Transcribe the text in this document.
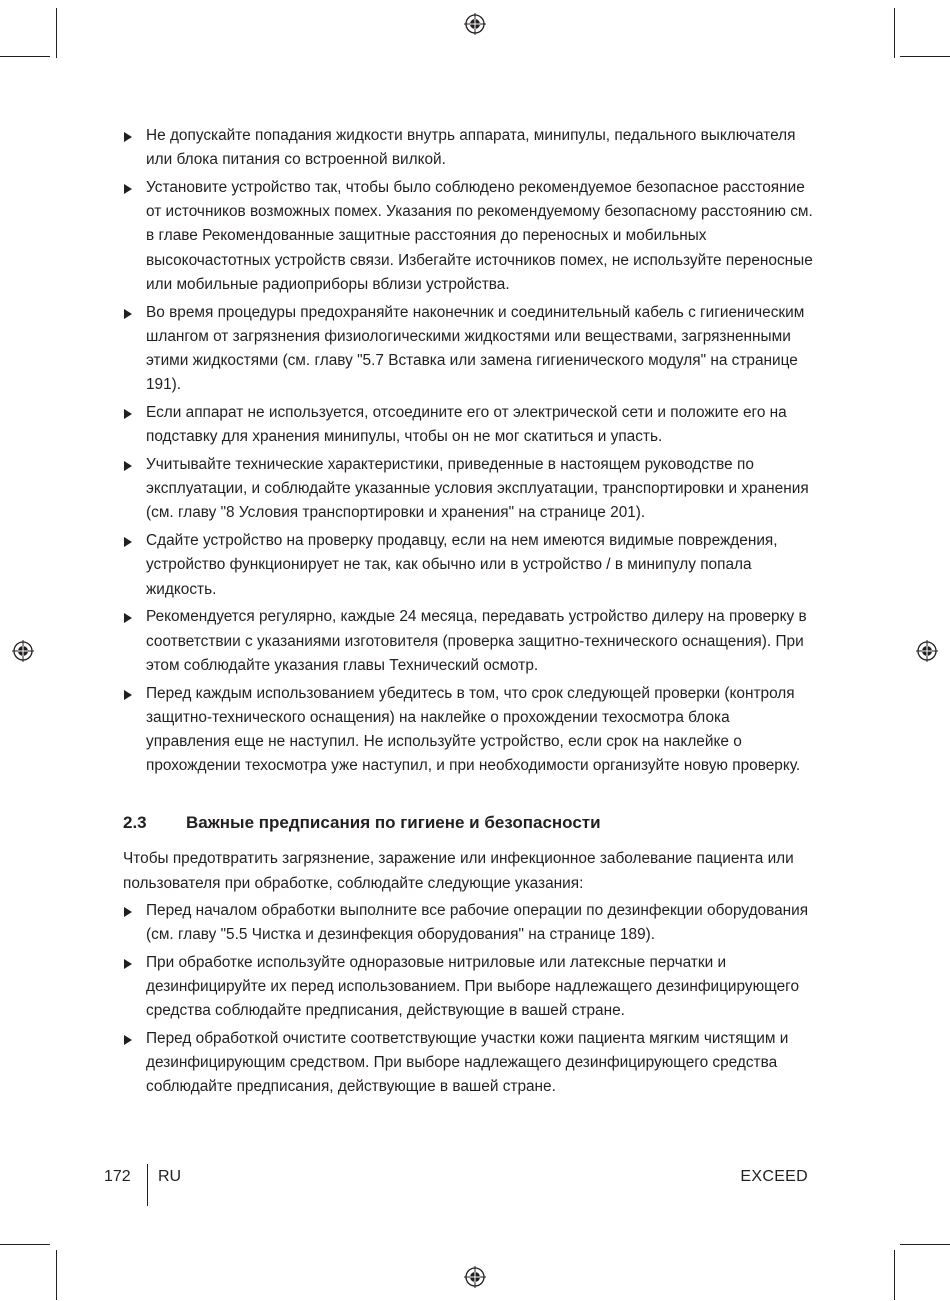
Не допускайте попадания жидкости внутрь аппарата, минипулы, педального выключателя или блока питания со встроенной вилкой.
Установите устройство так, чтобы было соблюдено рекомендуемое безопасное расстояние от источников возможных помех. Указания по рекомендуемому безопасному расстоянию см. в главе Рекомендованные защитные расстояния до переносных и мобильных высокочастотных устройств связи. Избегайте источников помех, не используйте переносные или мобильные радиоприборы вблизи устройства.
Во время процедуры предохраняйте наконечник и соединительный кабель с гигиеническим шлангом от загрязнения физиологическими жидкостями или веществами, загрязненными этими жидкостями (см. главу "5.7 Вставка или замена гигиенического модуля" на странице 191).
Если аппарат не используется, отсоедините его от электрической сети и положите его на подставку для хранения минипулы, чтобы он не мог скатиться и упасть.
Учитывайте технические характеристики, приведенные в настоящем руководстве по эксплуатации, и соблюдайте указанные условия эксплуатации, транспортировки и хранения (см. главу "8 Условия транспортировки и хранения" на странице 201).
Сдайте устройство на проверку продавцу, если на нем имеются видимые повреждения, устройство функционирует не так, как обычно или в устройство / в минипулу попала жидкость.
Рекомендуется регулярно, каждые 24 месяца, передавать устройство дилеру на проверку в соответствии с указаниями изготовителя (проверка защитно-технического оснащения). При этом соблюдайте указания главы Технический осмотр.
Перед каждым использованием убедитесь в том, что срок следующей проверки (контроля защитно-технического оснащения) на наклейке о прохождении техосмотра блока управления еще не наступил. Не используйте устройство, если срок на наклейке о прохождении техосмотра уже наступил, и при необходимости организуйте новую проверку.
2.3	Важные предписания по гигиене и безопасности

Чтобы предотвратить загрязнение, заражение или инфекционное заболевание пациента или пользователя при обработке, соблюдайте следующие указания:

Перед началом обработки выполните все рабочие операции по дезинфекции оборудования (см. главу "5.5 Чистка и дезинфекция оборудования" на странице 189).
При обработке используйте одноразовые нитриловые или латексные перчатки и дезинфицируйте их перед использованием. При выборе надлежащего дезинфицирующего средства соблюдайте предписания, действующие в вашей стране.
Перед обработкой очистите соответствующие участки кожи пациента мягким чистящим и дезинфицирующим средством. При выборе надлежащего дезинфицирующего средства соблюдайте предписания, действующие в вашей стране.
172 RU	EXCEED
